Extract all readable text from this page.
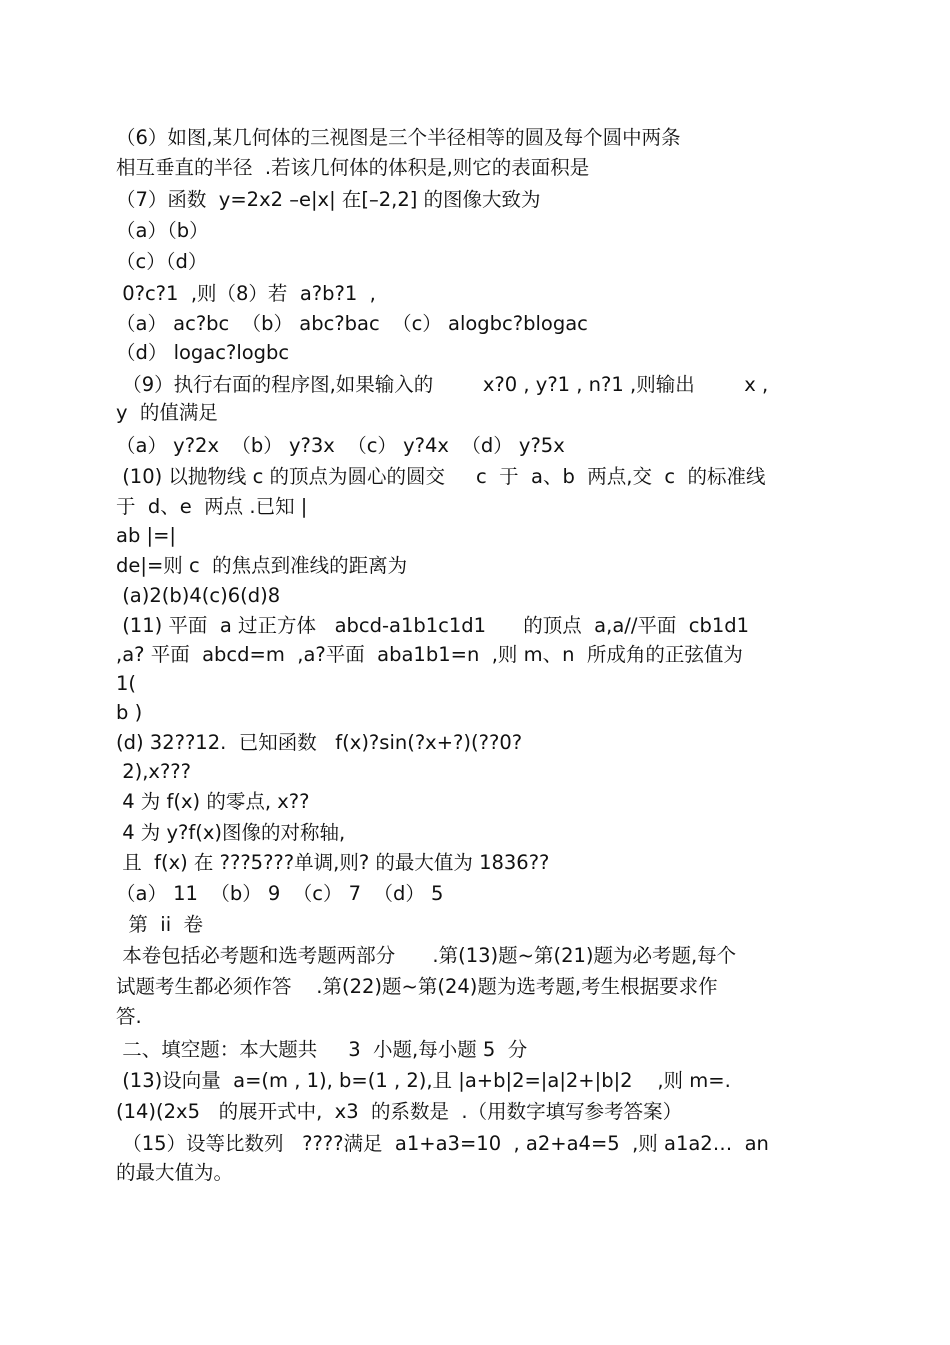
（6）如图,某几何体的三视图是三个半径相等的圆及每个圆中两条
相互垂直的半径  .若该几何体的体积是,则它的表面积是
（7）函数  y=2x2 –e|x| 在[–2,2] 的图像大致为
（a）（b）
（c）（d）
0?c?1  ,则（8）若  a?b?1  ,
（a） ac?bc  （b） abc?bac  （c） alogbc?blogac
（d） logac?logbc
（9）执行右面的程序图,如果输入的        x?0 , y?1 , n?1 ,则输出        x ,
y  的值满足
（a） y?2x  （b） y?3x  （c） y?4x  （d） y?5x
(10) 以抛物线 c 的顶点为圆心的圆交     c  于  a、b  两点,交  c  的标准线
于  d、e  两点 .已知 |
ab |=|
de|=则 c  的焦点到准线的距离为
(a)2(b)4(c)6(d)8
(11) 平面  a 过正方体   abcd-a1b1c1d1      的顶点  a,a//平面  cb1d1
,a? 平面  abcd=m  ,a?平面  aba1b1=n  ,则 m、n  所成角的正弦值为
1(
b )
(d) 32??12.  已知函数   f(x)?sin(?x+?)(??0?
2),x???
4 为 f(x) 的零点, x??
4 为 y?f(x)图像的对称轴,
且  f(x) 在 ???5???单调,则? 的最大值为 1836??
（a） 11  （b） 9  （c） 7  （d） 5
第  ii  卷
本卷包括必考题和选考题两部分      .第(13)题~第(21)题为必考题,每个
试题考生都必须作答    .第(22)题~第(24)题为选考题,考生根据要求作
答.
二、填空题：本大题共     3  小题,每小题 5  分
(13)设向量  a=(m , 1), b=(1 , 2),且 |a+b|2=|a|2+|b|2    ,则 m=.
(14)(2x5   的展开式中,  x3  的系数是  .（用数字填写参考答案）
（15）设等比数列   ????满足  a1+a3=10  , a2+a4=5  ,则 a1a2…  an
的最大值为。
